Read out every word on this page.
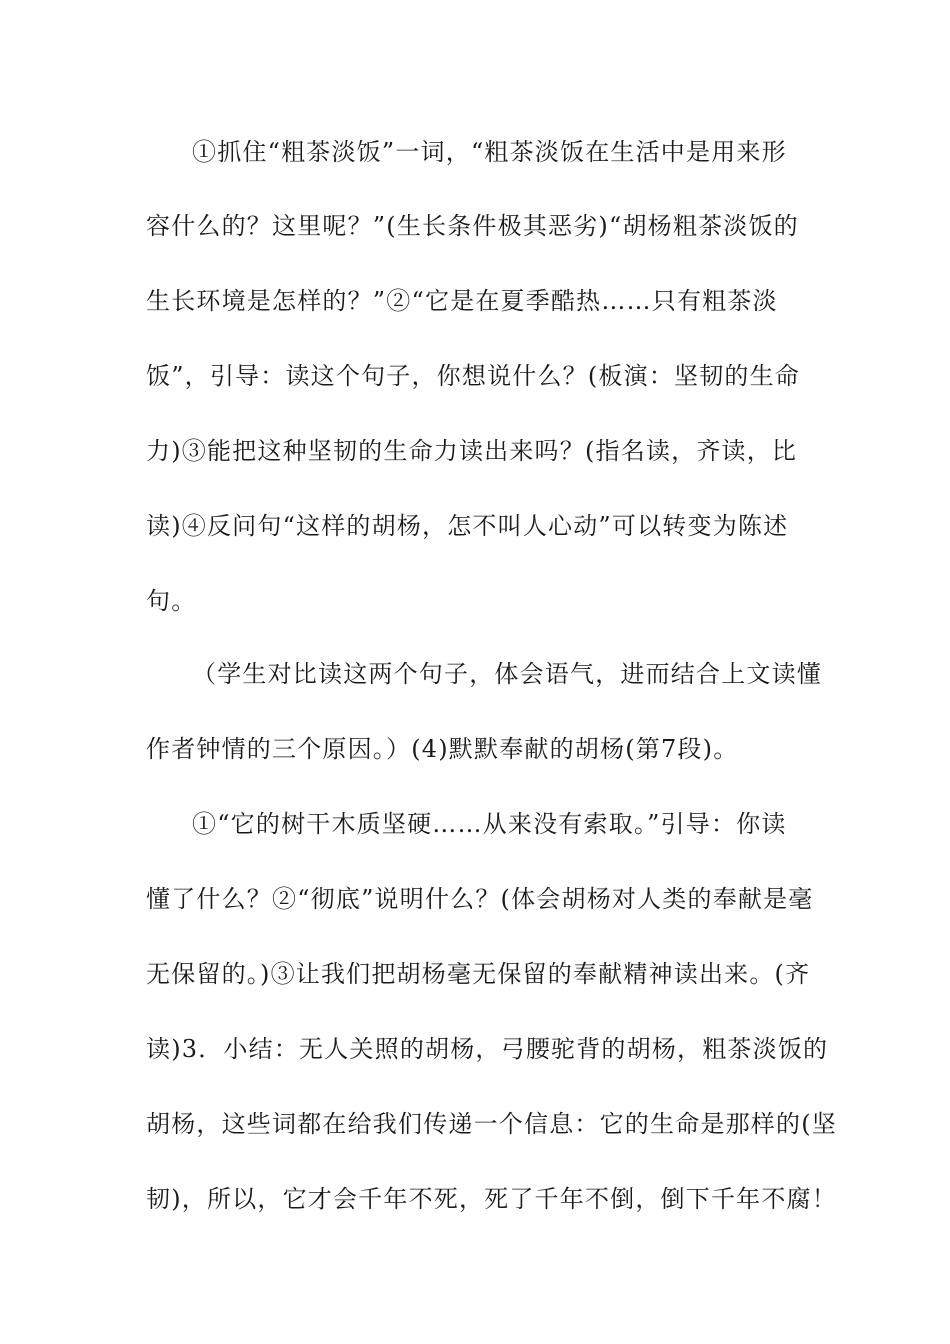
①抓住“粗茶淡饭”一词，“粗茶淡饭在生活中是用来形
容什么的？这里呢？”(生长条件极其恶劣)“胡杨粗茶淡饭的
生长环境是怎样的？”②“它是在夏季酷热……只有粗茶淡
饭”，引导：读这个句子，你想说什么？(板演：坚韧的生命
力)③能把这种坚韧的生命力读出来吗？(指名读，齐读，比
读)④反问句“这样的胡杨，怎不叫人心动”可以转变为陈述
句。
（学生对比读这两个句子，体会语气，进而结合上文读懂
作者钟情的三个原因。）(4)默默奉献的胡杨(第7段)。
①“它的树干木质坚硬……从来没有索取。”引导：你读
懂了什么？②“彻底”说明什么？(体会胡杨对人类的奉献是毫
无保留的。)③让我们把胡杨毫无保留的奉献精神读出来。(齐
读)3．小结：无人关照的胡杨，弓腰驼背的胡杨，粗茶淡饭的
胡杨，这些词都在给我们传递一个信息：它的生命是那样的(坚
韧)，所以，它才会千年不死，死了千年不倒，倒下千年不腐！
